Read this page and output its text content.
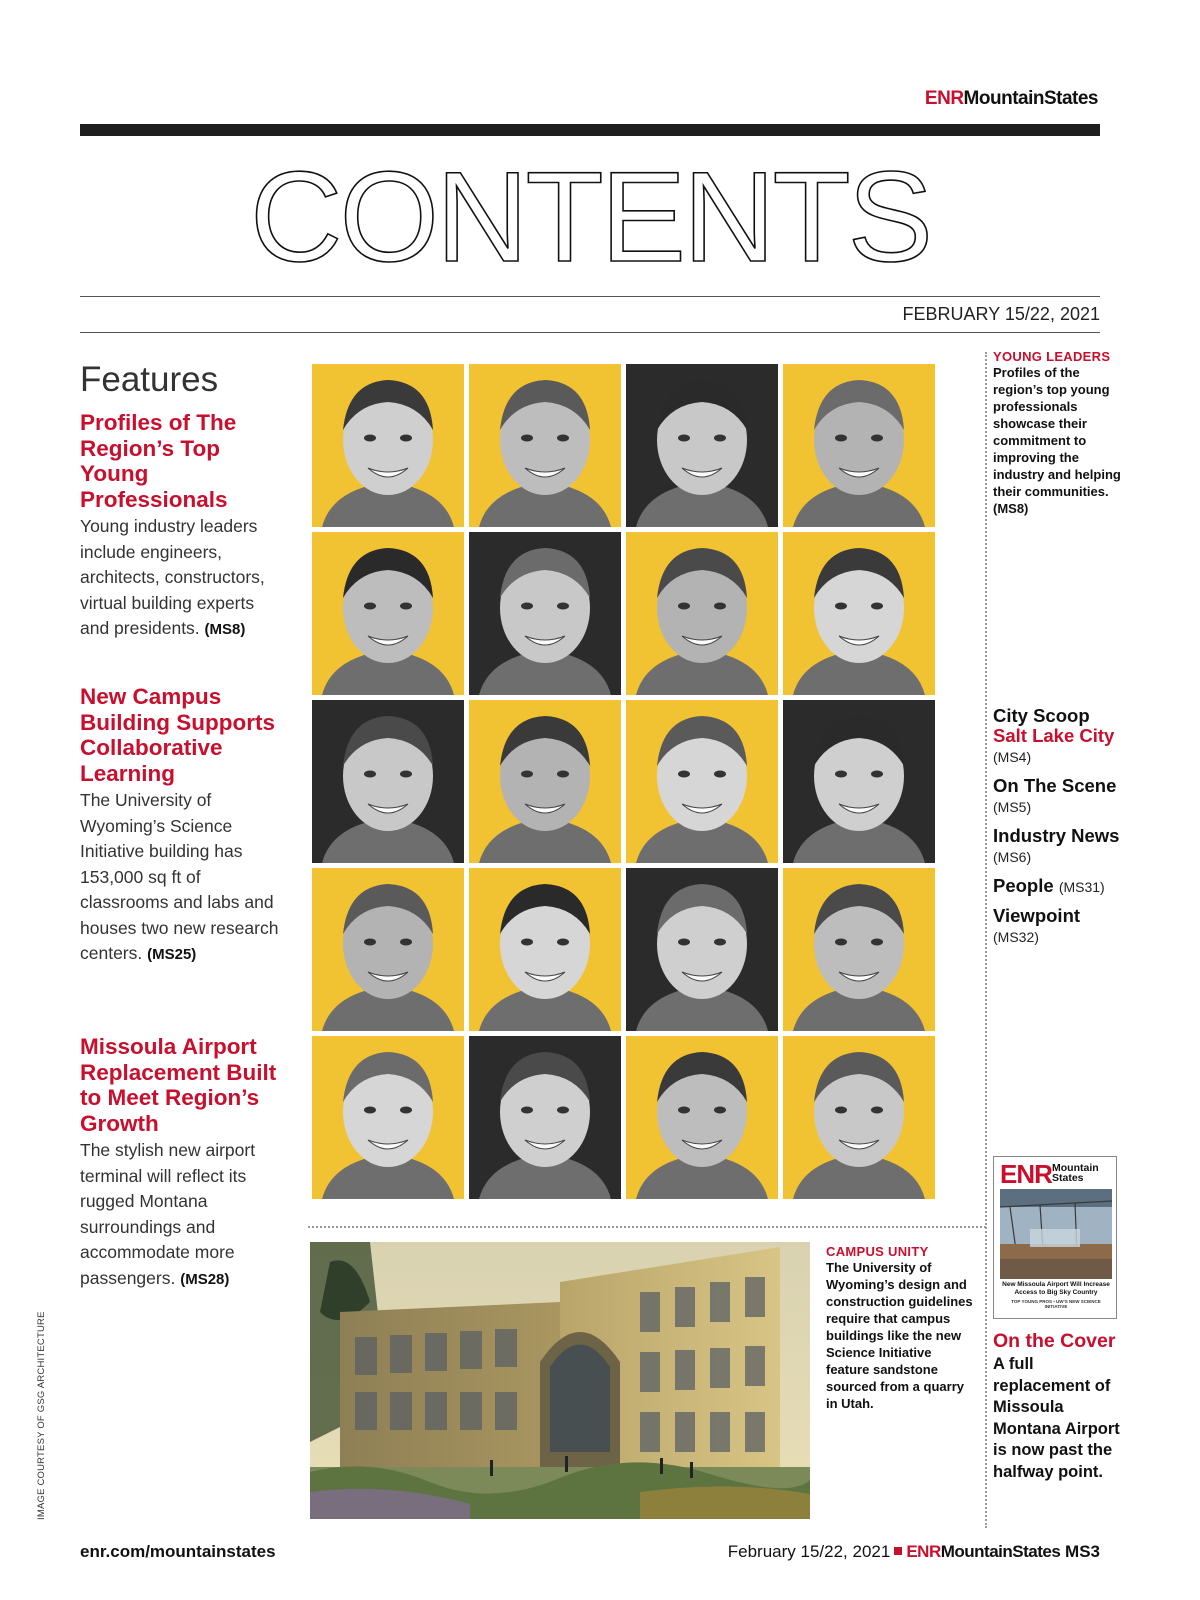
ENRMountainStates
CONTENTS
FEBRUARY 15/22, 2021
Features
Profiles of The Region’s Top Young Professionals
Young industry leaders include engineers, architects, constructors, virtual building experts and presidents. (MS8)
New Campus Building Supports Collaborative Learning
The University of Wyoming’s Science Initiative building has 153,000 sq ft of classrooms and labs and houses two new research centers. (MS25)
Missoula Airport Replacement Built to Meet Region’s Growth
The stylish new airport terminal will reflect its rugged Montana surroundings and accommodate more passengers. (MS28)
YOUNG LEADERS
Profiles of the region’s top young professionals showcase their commitment to improving the industry and helping their communities. (MS8)
City Scoop
Salt Lake City (MS4)
On The Scene (MS5)
Industry News (MS6)
People (MS31)
Viewpoint
(MS32)
CAMPUS UNITY
The University of Wyoming’s design and construction guidelines require that campus buildings like the new Science Initiative feature sandstone sourced from a quarry in Utah.
ENR Mountain States
New Missoula Airport Will Increase Access to Big Sky Country
TOP YOUNG PROS • UW’S NEW SCIENCE INITIATIVE
On the Cover
A full replacement of Missoula Montana Airport is now past the halfway point.
IMAGE COURTESY OF GSG ARCHITECTURE
enr.com/mountainstates	February 15/22, 2021 ENRMountainStates MS3
